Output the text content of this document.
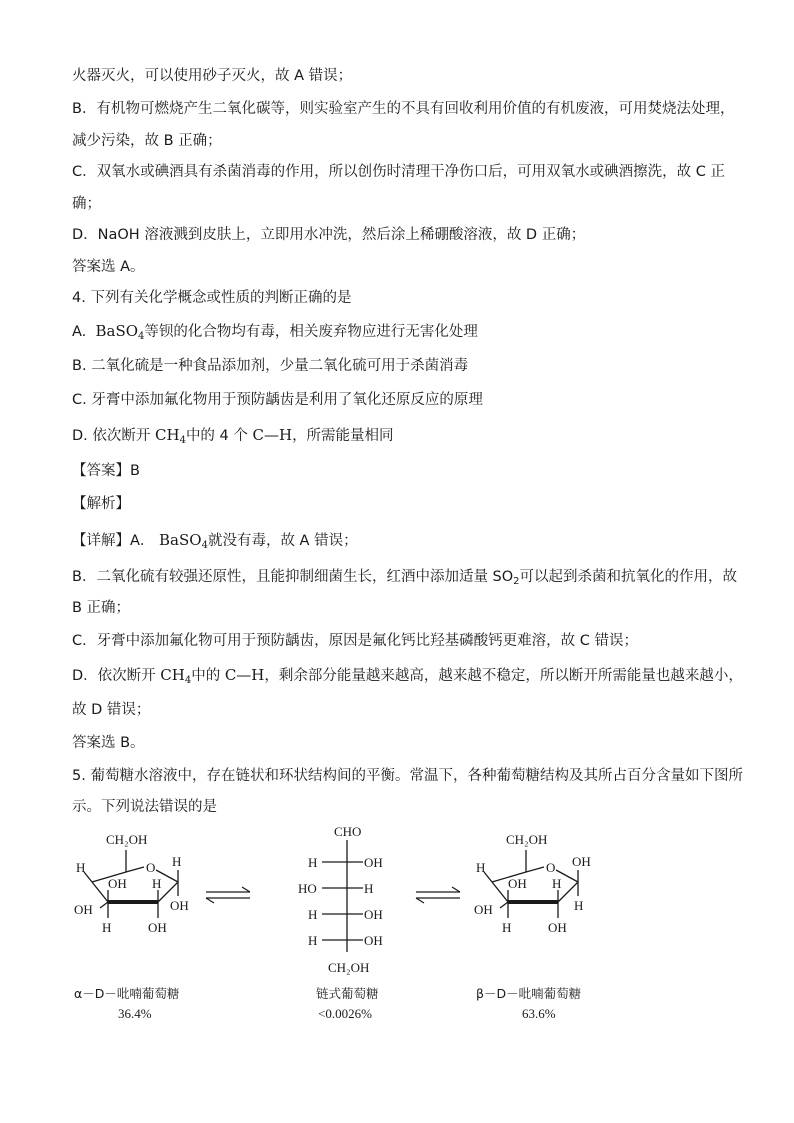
火器灭火，可以使用砂子灭火，故 A 错误；
B．有机物可燃烧产生二氧化碳等，则实验室产生的不具有回收利用价值的有机废液，可用焚烧法处理，
减少污染，故 B 正确；
C．双氧水或碘酒具有杀菌消毒的作用，所以创伤时清理干净伤口后，可用双氧水或碘酒擦洗，故 C 正
确；
D．NaOH 溶液溅到皮肤上，立即用水冲洗，然后涂上稀硼酸溶液，故 D 正确；
答案选 A。
4. 下列有关化学概念或性质的判断正确的是
A. BaSO$_4$等钡的化合物均有毒，相关废弃物应进行无害化处理
B. 二氧化硫是一种食品添加剂，少量二氧化硫可用于杀菌消毒
C. 牙膏中添加氟化物用于预防龋齿是利用了氧化还原反应的原理
D. 依次断开 $CH_4$中的 4 个 C—H，所需能量相同
【答案】B
【解析】
【详解】A． BaSO$_4$就没有毒，故 A 错误；
B．二氧化硫有较强还原性，且能抑制细菌生长，红酒中添加适量 $SO_2$可以起到杀菌和抗氧化的作用，故
B 正确；
C．牙膏中添加氟化物可用于预防龋齿，原因是氟化钙比羟基磷酸钙更难溶，故 C 错误；
D．依次断开 $CH_4$中的 C—H，剩余部分能量越来越高，越来越不稳定，所以断开所需能量也越来越小，
故 D 错误；
答案选 B。
5. 葡萄糖水溶液中，存在链状和环状结构间的平衡。常温下，各种葡萄糖结构及其所占百分含量如下图所
示。下列说法错误的是
CH₂OH
O H
OH
H
OH H
OH
H	OH
α－D－吡喃葡萄糖
36.4%
CHO
H	OH
HO	H
H	OH
H	OH
CH₂OH
链式葡萄糖
<0.0026%
CH₂OH
O OH
H
H
OH H
OH
H	OH
β－D－吡喃葡萄糖
63.6%
